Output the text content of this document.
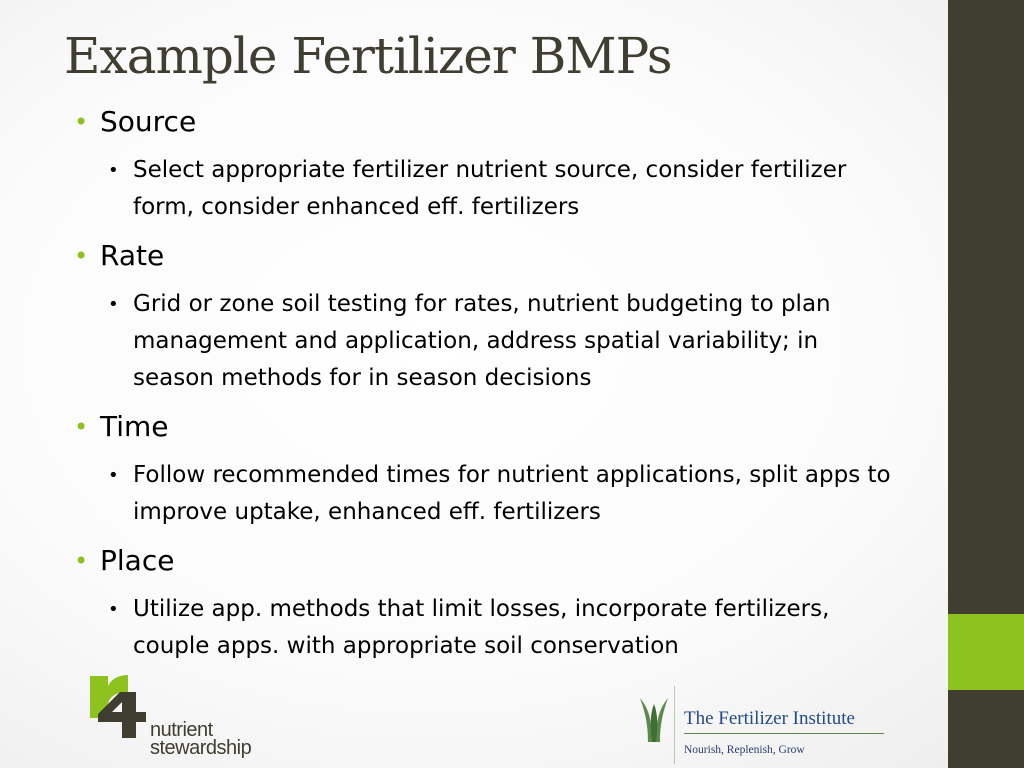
Example Fertilizer BMPs
• Source
• Select appropriate fertilizer nutrient source, consider fertilizer form, consider enhanced eff. fertilizers
• Rate
• Grid or zone soil testing for rates, nutrient budgeting to plan management and application, address spatial variability; in season methods for in season decisions
• Time
• Follow recommended times for nutrient applications, split apps to improve uptake, enhanced eff. fertilizers
• Place
• Utilize app. methods that limit losses, incorporate fertilizers, couple apps. with appropriate soil conservation
nutrient
stewardship
The Fertilizer Institute
Nourish, Replenish, Grow
